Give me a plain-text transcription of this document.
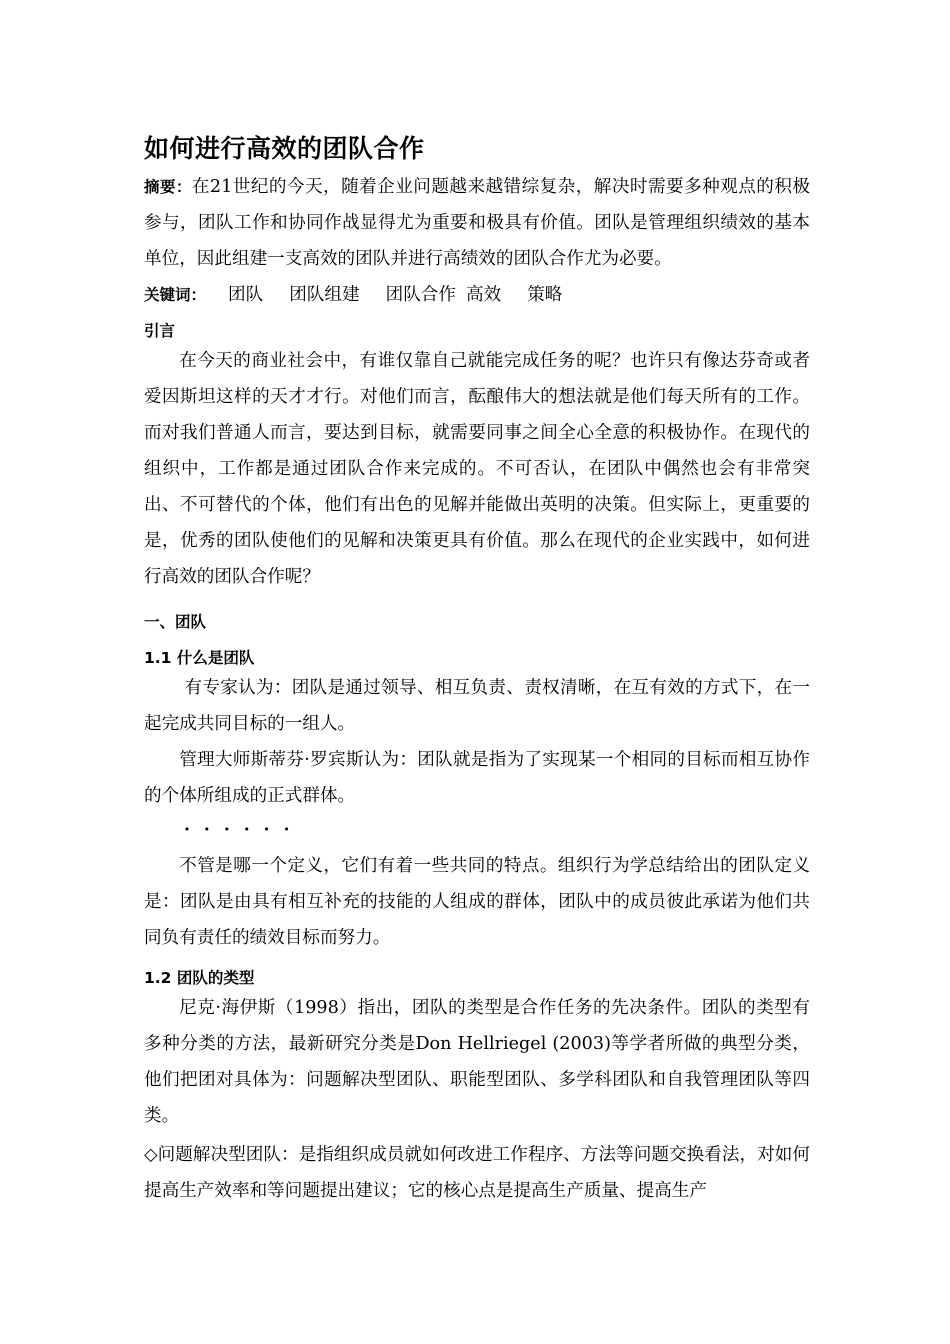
如何进行高效的团队合作
摘要：在21世纪的今天，随着企业问题越来越错综复杂，解决时需要多种观点的积极参与，团队工作和协同作战显得尤为重要和极具有价值。团队是管理组织绩效的基本单位，因此组建一支高效的团队并进行高绩效的团队合作尤为必要。
关键词： 团队 团队组建 团队合作 高效 策略
引言
在今天的商业社会中，有谁仅靠自己就能完成任务的呢？也许只有像达芬奇或者爱因斯坦这样的天才才行。对他们而言，酝酿伟大的想法就是他们每天所有的工作。而对我们普通人而言，要达到目标，就需要同事之间全心全意的积极协作。在现代的组织中，工作都是通过团队合作来完成的。不可否认，在团队中偶然也会有非常突出、不可替代的个体，他们有出色的见解并能做出英明的决策。但实际上，更重要的是，优秀的团队使他们的见解和决策更具有价值。那么在现代的企业实践中，如何进行高效的团队合作呢？
一、团队
1.1 什么是团队
有专家认为：团队是通过领导、相互负责、责权清晰，在互有效的方式下，在一起完成共同目标的一组人。
管理大师斯蒂芬·罗宾斯认为：团队就是指为了实现某一个相同的目标而相互协作的个体所组成的正式群体。
······
不管是哪一个定义，它们有着一些共同的特点。组织行为学总结给出的团队定义是：团队是由具有相互补充的技能的人组成的群体，团队中的成员彼此承诺为他们共同负有责任的绩效目标而努力。
1.2 团队的类型
尼克·海伊斯（1998）指出，团队的类型是合作任务的先决条件。团队的类型有多种分类的方法，最新研究分类是Don Hellriegel (2003)等学者所做的典型分类，他们把团对具体为：问题解决型团队、职能型团队、多学科团队和自我管理团队等四类。
◇问题解决型团队：是指组织成员就如何改进工作程序、方法等问题交换看法，对如何提高生产效率和等问题提出建议；它的核心点是提高生产质量、提高生产
